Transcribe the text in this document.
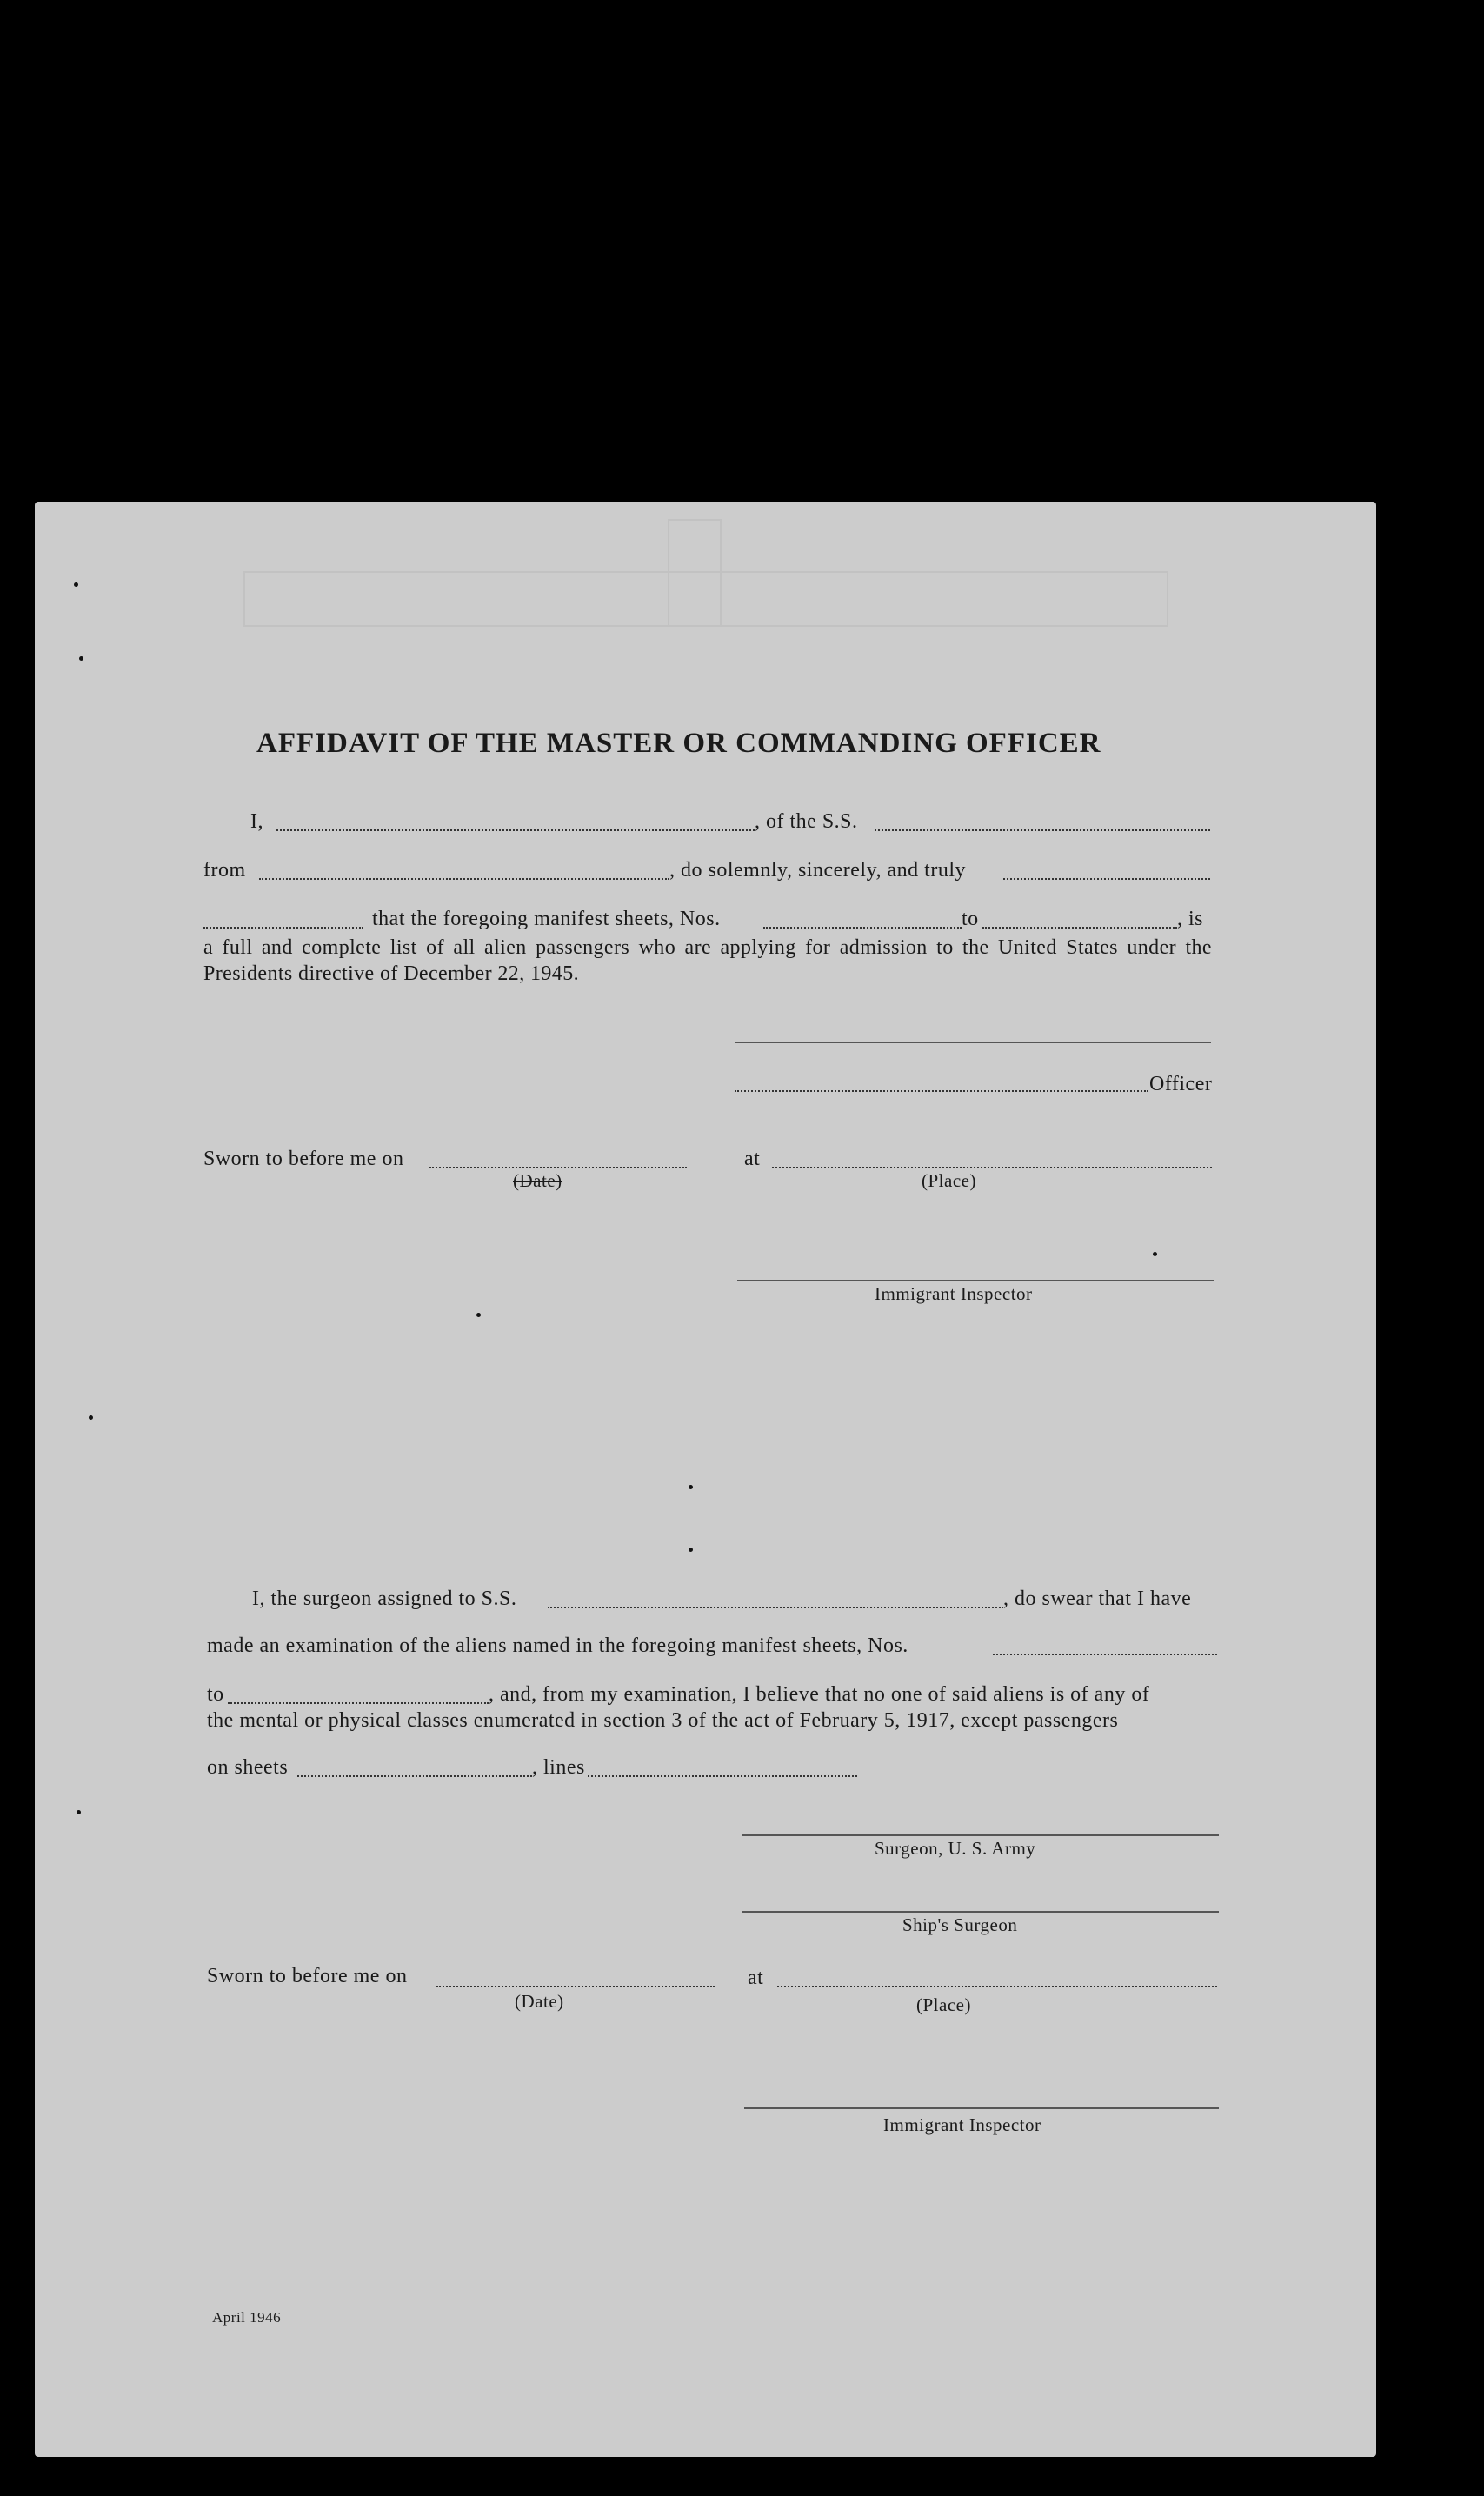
AFFIDAVIT OF THE MASTER OR COMMANDING OFFICER
I,	, of the S.S.
from	, do solemnly, sincerely, and truly
that the foregoing manifest sheets, Nos.	to	, is
a full and complete list of all alien passengers who are applying for admission to the United States under the Presidents directive of December 22, 1945.
Officer
Sworn to before me on
(Date)
at
(Place)
Immigrant Inspector
I, the surgeon assigned to S.S.	, do swear that I have
made an examination of the aliens named in the foregoing manifest sheets, Nos.
to	, and, from my examination, I believe that no one of said aliens is of any of
the mental or physical classes enumerated in section 3 of the act of February 5, 1917, except passengers
on sheets	, lines
Surgeon, U. S. Army
Ship's Surgeon
Sworn to before me on
(Date)
at
(Place)
Immigrant Inspector
April 1946
